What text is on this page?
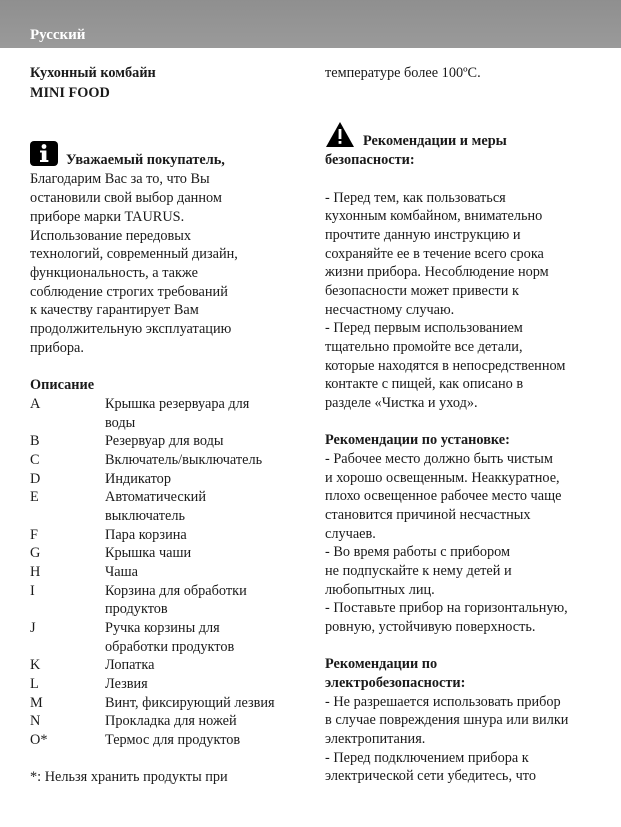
Русский
Кухонный комбайн
MINI FOOD
Уважаемый покупатель,
Благодарим Вас за то, что Вы
остановили свой выбор данном
приборе марки TAURUS.
Использование передовых
технологий, современный дизайн,
функциональность, а также
соблюдение строгих требований
к качеству гарантирует Вам
продолжительную эксплуатацию
прибора.
Описание
A	Крышка резервуара для
воды
B	Резервуар для воды
C	Включатель/выключатель
D	Индикатор
E	Автоматический
выключатель
F	Пара корзина
G	Крышка чаши
H	Чаша
I	Корзина для обработки
продуктов
J	Ручка корзины для
обработки продуктов
K	Лопатка
L	Лезвия
M	Винт, фиксирующий лезвия
N	Прокладка для ножей
O*	Термос для продуктов
*: Нельзя хранить продукты при
температуре более 100ºС.
Рекомендации и меры
безопасности:
- Перед тем, как пользоваться
кухонным комбайном, внимательно
прочтите данную инструкцию и
сохраняйте ее в течение всего срока
жизни прибора. Несоблюдение норм
безопасности может привести к
несчастному случаю.
- Перед первым использованием
тщательно промойте все детали,
которые находятся в непосредственном
контакте с пищей, как описано в
разделе «Чистка и уход».
Рекомендации по установке:
- Рабочее место должно быть чистым
и хорошо освещенным. Неаккуратное,
плохо освещенное рабочее место чаще
становится причиной несчастных
случаев.
- Во время работы с прибором
не подпускайте к нему детей и
любопытных лиц.
- Поставьте прибор на горизонтальную,
ровную, устойчивую поверхность.
Рекомендации по
электробезопасности:
- Не разрешается использовать прибор
в случае повреждения шнура или вилки
электропитания.
- Перед подключением прибора к
электрической сети убедитесь, что
